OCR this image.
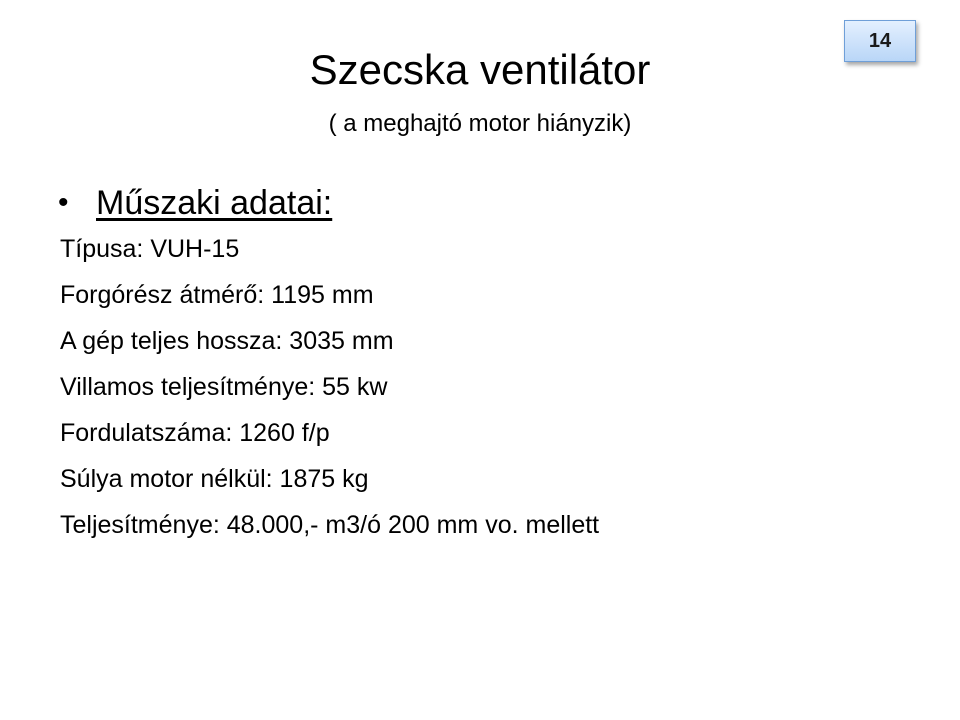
14
Szecska ventilátor
( a meghajtó motor hiányzik)
• Műszaki adatai:
Típusa: VUH-15
Forgórész átmérő: 1195 mm
A gép teljes hossza: 3035 mm
Villamos teljesítménye: 55 kw
Fordulatszáma: 1260 f/p
Súlya motor nélkül: 1875 kg
Teljesítménye: 48.000,- m3/ó 200 mm vo. mellett
